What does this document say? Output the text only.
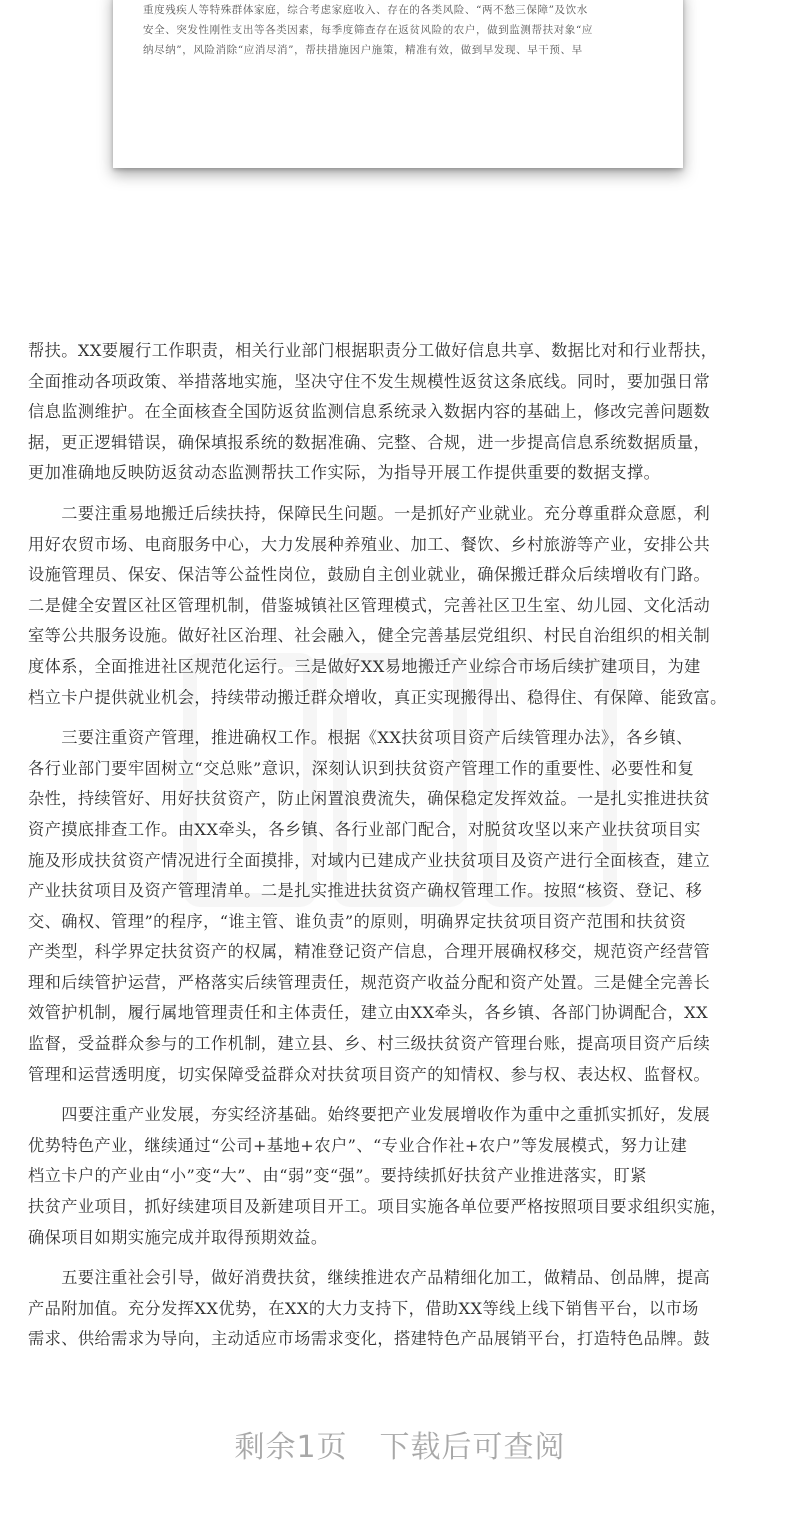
重度残疾人等特殊群体家庭，综合考虑家庭收入、存在的各类风险、“两不愁三保障”及饮水
安全、突发性刚性支出等各类因素，每季度筛查存在返贫风险的农户，做到监测帮扶对象“应
纳尽纳”，风险消除“应消尽消”，帮扶措施因户施策，精准有效，做到早发现、早干预、早
帮扶。XX要履行工作职责，相关行业部门根据职责分工做好信息共享、数据比对和行业帮扶，
全面推动各项政策、举措落地实施，坚决守住不发生规模性返贫这条底线。同时，要加强日常
信息监测维护。在全面核查全国防返贫监测信息系统录入数据内容的基础上，修改完善问题数
据，更正逻辑错误，确保填报系统的数据准确、完整、合规，进一步提高信息系统数据质量，
更加准确地反映防返贫动态监测帮扶工作实际，为指导开展工作提供重要的数据支撑。
　　二要注重易地搬迁后续扶持，保障民生问题。一是抓好产业就业。充分尊重群众意愿，利
用好农贸市场、电商服务中心，大力发展种养殖业、加工、餐饮、乡村旅游等产业，安排公共
设施管理员、保安、保洁等公益性岗位，鼓励自主创业就业，确保搬迁群众后续增收有门路。
二是健全安置区社区管理机制，借鉴城镇社区管理模式，完善社区卫生室、幼儿园、文化活动
室等公共服务设施。做好社区治理、社会融入，健全完善基层党组织、村民自治组织的相关制
度体系，全面推进社区规范化运行。三是做好XX易地搬迁产业综合市场后续扩建项目，为建
档立卡户提供就业机会，持续带动搬迁群众增收，真正实现搬得出、稳得住、有保障、能致富。
　　三要注重资产管理，推进确权工作。根据《XX扶贫项目资产后续管理办法》，各乡镇、
各行业部门要牢固树立“交总账”意识，深刻认识到扶贫资产管理工作的重要性、必要性和复
杂性，持续管好、用好扶贫资产，防止闲置浪费流失，确保稳定发挥效益。一是扎实推进扶贫
资产摸底排查工作。由XX牵头，各乡镇、各行业部门配合，对脱贫攻坚以来产业扶贫项目实
施及形成扶贫资产情况进行全面摸排，对域内已建成产业扶贫项目及资产进行全面核查，建立
产业扶贫项目及资产管理清单。二是扎实推进扶贫资产确权管理工作。按照“核资、登记、移
交、确权、管理”的程序，“谁主管、谁负责”的原则，明确界定扶贫项目资产范围和扶贫资
产类型，科学界定扶贫资产的权属，精准登记资产信息，合理开展确权移交，规范资产经营管
理和后续管护运营，严格落实后续管理责任，规范资产收益分配和资产处置。三是健全完善长
效管护机制，履行属地管理责任和主体责任，建立由XX牵头，各乡镇、各部门协调配合，XX
监督，受益群众参与的工作机制，建立县、乡、村三级扶贫资产管理台账，提高项目资产后续
管理和运营透明度，切实保障受益群众对扶贫项目资产的知情权、参与权、表达权、监督权。
　　四要注重产业发展，夯实经济基础。始终要把产业发展增收作为重中之重抓实抓好，发展
优势特色产业，继续通过“公司+基地+农户”、“专业合作社+农户”等发展模式，努力让建
档立卡户的产业由“小”变“大”、由“弱”变“强”。要持续抓好扶贫产业推进落实，盯紧
扶贫产业项目，抓好续建项目及新建项目开工。项目实施各单位要严格按照项目要求组织实施，
确保项目如期实施完成并取得预期效益。
　　五要注重社会引导，做好消费扶贫，继续推进农产品精细化加工，做精品、创品牌，提高
产品附加值。充分发挥XX优势，在XX的大力支持下，借助XX等线上线下销售平台，以市场
需求、供给需求为导向，主动适应市场需求变化，搭建特色产品展销平台，打造特色品牌。鼓
剩余1页 下载后可查阅
